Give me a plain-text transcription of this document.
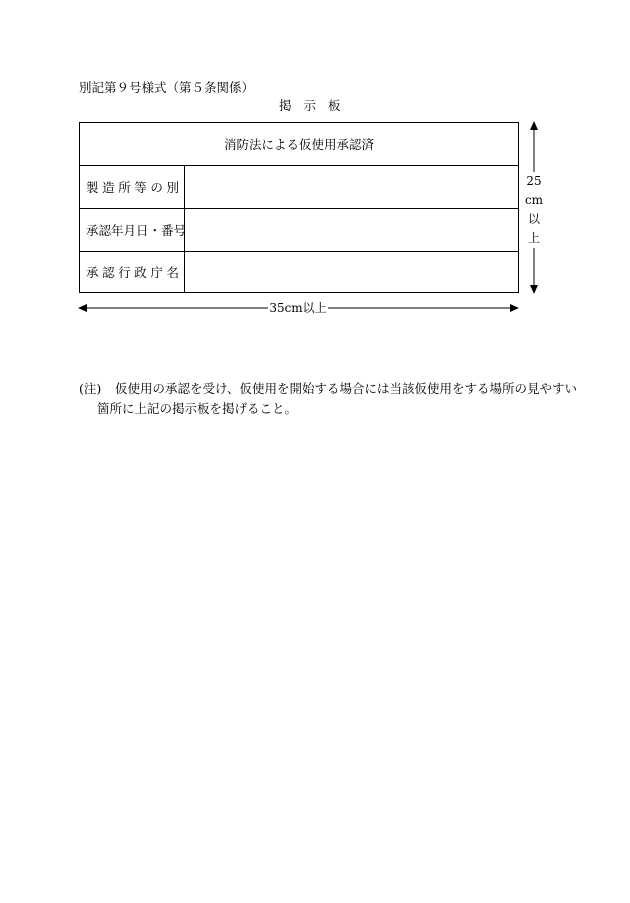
別記第９号様式（第５条関係）
掲示板
消防法による仮使用承認済
製造所等の別
承認年月日・番号
承認行政庁名
25
cm
以
上
35cm以上
(注) 仮使用の承認を受け、仮使用を開始する場合には当該仮使用をする場所の見やすい
箇所に上記の掲示板を掲げること。
